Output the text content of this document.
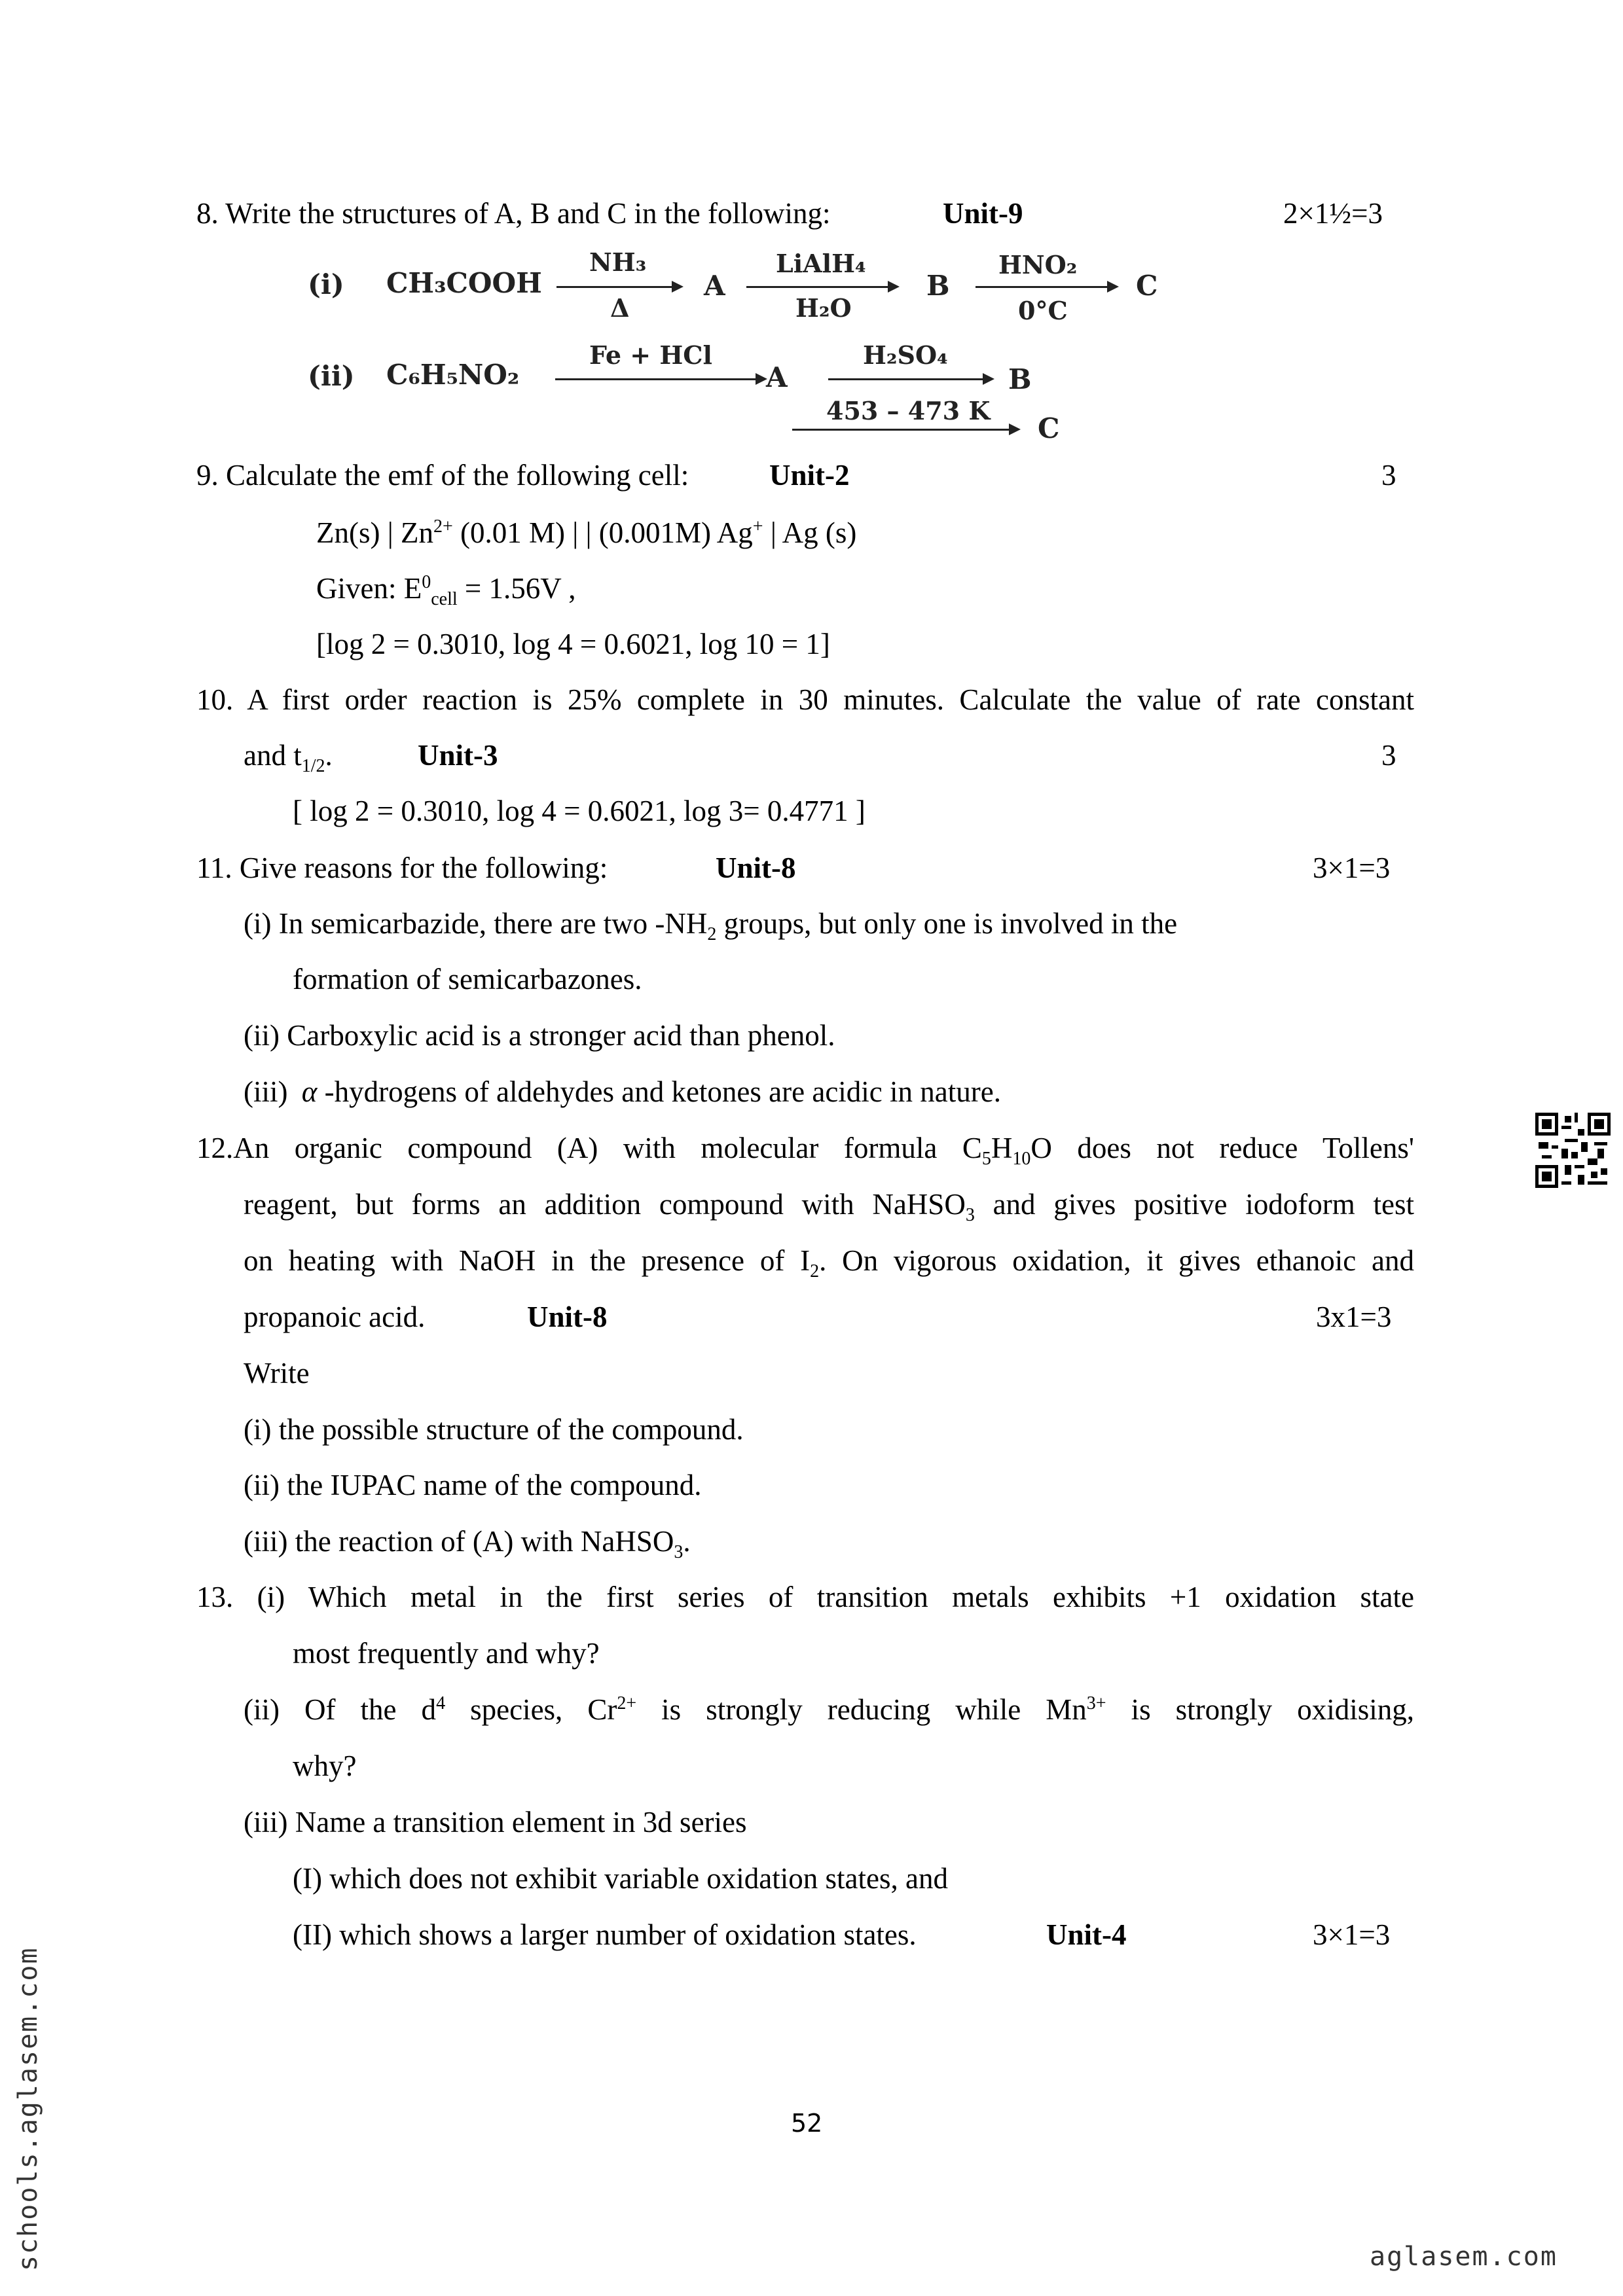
8. Write the structures of A, B and C in the following:	Unit-9	2×1½=3
(i) CH₃COOH
NH₃
Δ
A
LiAlH₄
H₂O
B
HNO₂
0°C
C
(ii) C₆H₅NO₂
Fe + HCl
A
H₂SO₄
B
453 – 473 K
C
9. Calculate the emf of the following cell:	Unit-2	3
Zn(s) | $Zn^{2+}$ (0.01 M) | | (0.001M) Ag+ | Ag (s)
Given: $E^0_{cell} = 1.56V$ ,
[log 2 = 0.3010, log 4 = 0.6021, log 10 = 1]
10. A first order reaction is 25% complete in 30 minutes. Calculate the value of rate constant
and $t_{1/2}$.	Unit-3	3
[ log 2 = 0.3010, log 4 = 0.6021, log 3= 0.4771 ]
11. Give reasons for the following:	Unit-8	3×1=3
(i) In semicarbazide, there are two $-NH_2$ groups, but only one is involved in the
formation of semicarbazones.
(ii) Carboxylic acid is a stronger acid than phenol.
(iii) α -hydrogens of aldehydes and ketones are acidic in nature.
12.An organic compound (A) with molecular formula $C_5H_{10}O$ does not reduce Tollens'
reagent, but forms an addition compound with NaHSO$_3$ and gives positive iodoform test
on heating with NaOH in the presence of $I_2$. On vigorous oxidation, it gives ethanoic and
propanoic acid.	Unit-8	3x1=3
Write
(i) the possible structure of the compound.
(ii) the IUPAC name of the compound.
(iii) the reaction of (A) with NaHSO$_3$.
13. (i) Which metal in the first series of transition metals exhibits +1 oxidation state
most frequently and why?
(ii) Of the $d^4$ species, $Cr^{2+}$ is strongly reducing while $Mn^{3+}$ is strongly oxidising,
why?
(iii) Name a transition element in 3d series
(I) which does not exhibit variable oxidation states, and
(II) which shows a larger number of oxidation states.	Unit-4	3×1=3
52
schools.aglasem.com	aglasem.com
